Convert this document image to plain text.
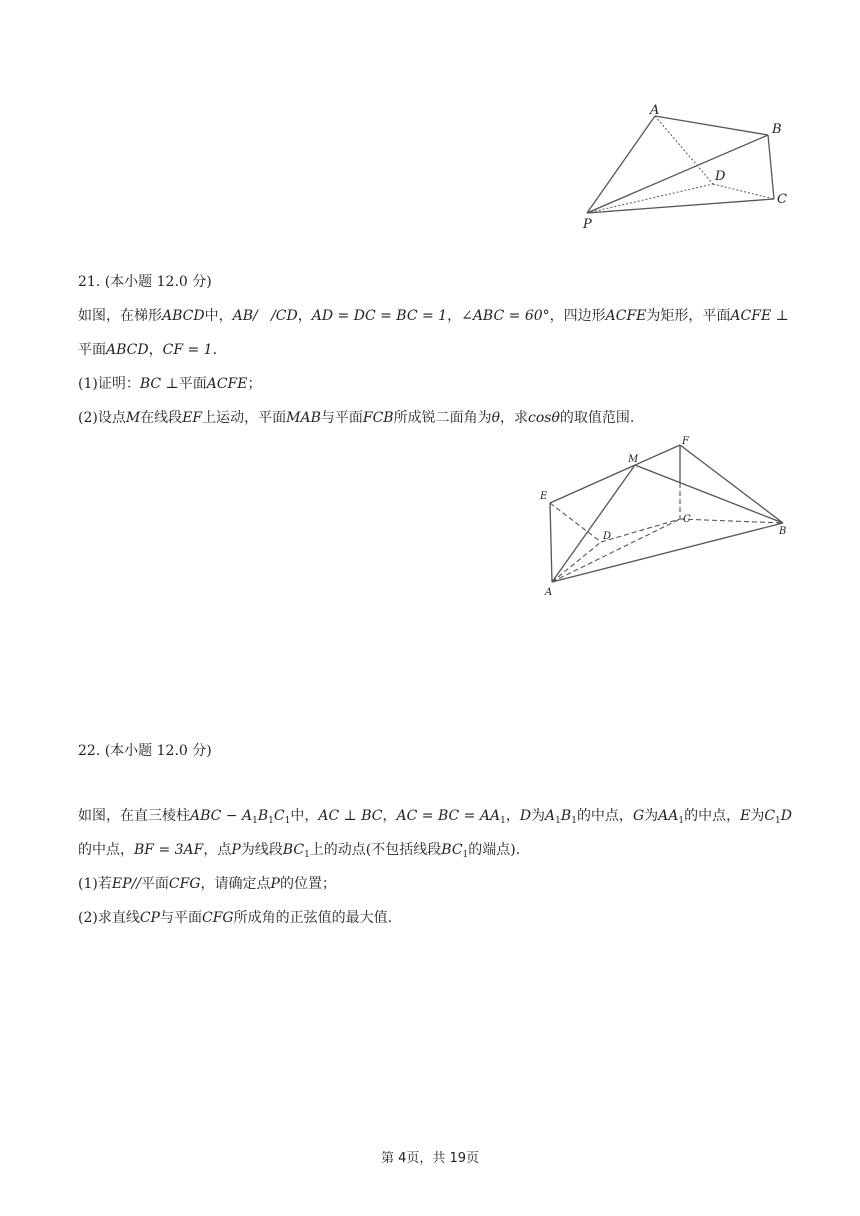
A
B
C
D
P
21. (本小题 12.0 分)
如图，在梯形ABCD中，AB/ /CD，AD = DC = BC = 1，∠ABC = 60°，四边形ACFE为矩形，平面ACFE ⊥
平面ABCD，CF = 1.
(1)证明：BC ⊥平面ACFE；
(2)设点M在线段EF上运动，平面MAB与平面FCB所成锐二面角为θ，求cosθ的取值范围.
E
F
M
D
C
B
A
22. (本小题 12.0 分)
如图，在直三棱柱ABC − $A_1B_1C_1$中，AC ⊥ BC，AC = BC = $AA_1$，D为$A_1B_1$的中点，G为$AA_1$的中点，E为$C_1D$
的中点，BF = 3AF，点P为线段$BC_1$上的动点(不包括线段$BC_1$的端点).
(1)若EP//平面CFG，请确定点P的位置；
(2)求直线CP与平面CFG所成角的正弦值的最大值.
第 4页，共 19页
